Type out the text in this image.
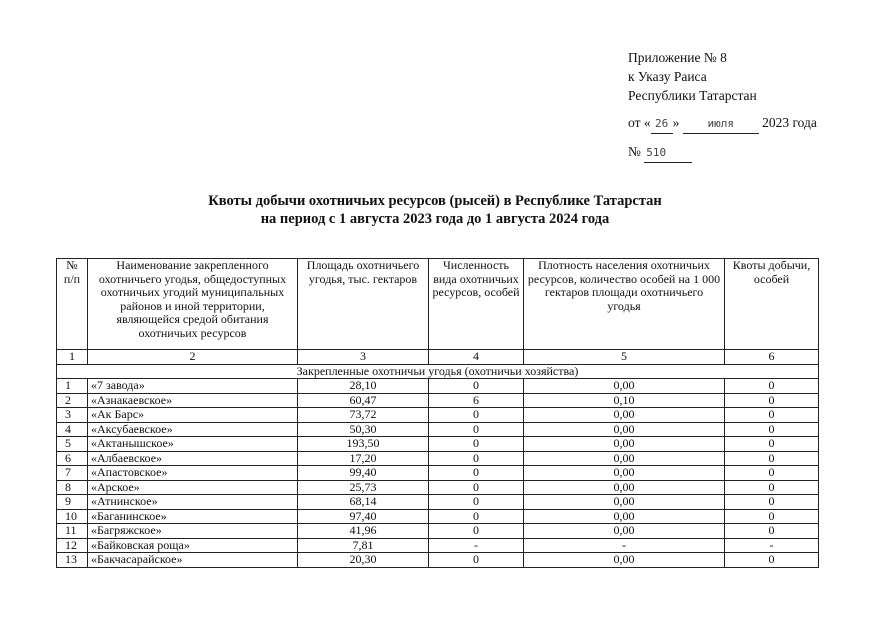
Приложение № 8
к Указу Раиса
Республики Татарстан
от « 26 »	июля 2023 года
№ 510
Квоты добычи охотничьих ресурсов (рысей) в Республике Татарстан
на период с 1 августа 2023 года до 1 августа 2024 года
№ п/п	Наименование закрепленного охотничьего угодья, общедоступных охотничьих угодий муниципальных районов и иной территории, являющейся средой обитания охотничьих ресурсов	Площадь охотничьего угодья, тыс. гектаров	Численность вида охотничьих ресурсов, особей	Плотность населения охотничьих ресурсов, количество особей на 1 000 гектаров площади охотничьего угодья	Квоты добычи, особей
1	2	3	4	5	6
Закрепленные охотничьи угодья (охотничьи хозяйства)					
1	«7 завода»	28,10	0	0,00	0
2	«Азнакаевское»	60,47	6	0,10	0
3	«Ак Барс»	73,72	0	0,00	0
4	«Аксубаевское»	50,30	0	0,00	0
5	«Актанышское»	193,50	0	0,00	0
6	«Албаевское»	17,20	0	0,00	0
7	«Апастовское»	99,40	0	0,00	0
8	«Арское»	25,73	0	0,00	0
9	«Атнинское»	68,14	0	0,00	0
10	«Баганинское»	97,40	0	0,00	0
11	«Багряжское»	41,96	0	0,00	0
12	«Байковская роща»	7,81	-	-	-
13	«Бакчасарайское»	20,30	0	0,00	0
